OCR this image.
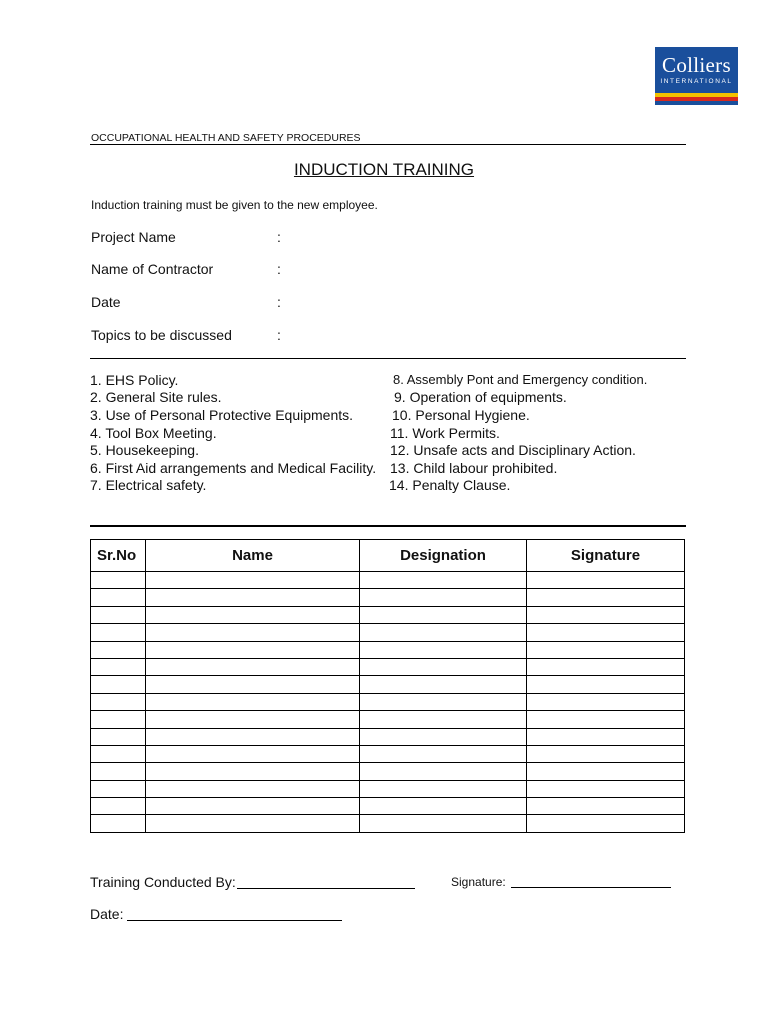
Colliers
INTERNATIONAL
OCCUPATIONAL HEALTH AND SAFETY PROCEDURES
INDUCTION TRAINING
Induction training must be given to the new employee.
Project Name	:
Name of Contractor	:
Date	:
Topics to be discussed	:
1. EHS Policy.
2. General Site rules.
3. Use of Personal Protective Equipments.
4. Tool Box Meeting.
5. Housekeeping.
6. First Aid arrangements and Medical Facility.
7. Electrical safety.
8. Assembly Pont and Emergency condition.
9. Operation of equipments.
10. Personal Hygiene.
11. Work Permits.
12. Unsafe acts and Disciplinary Action.
13. Child labour prohibited.
14. Penalty Clause.
Sr.No	Name	Designation	Signature

Training Conducted By:	Signature:
Date:
